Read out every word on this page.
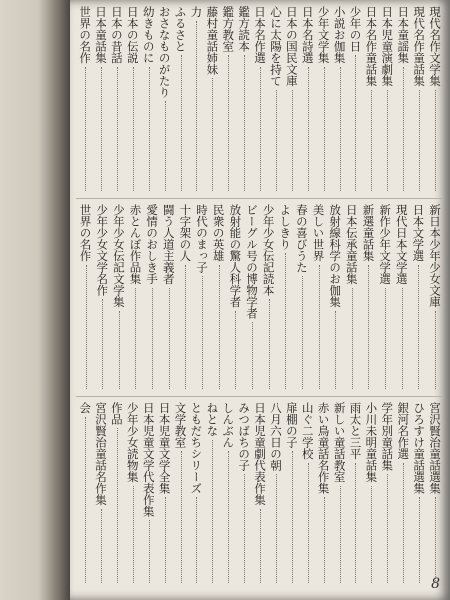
現代名作文学集
現代名作童話集
日本童謡集
日本児童演劇集
日本名作童話集
少年の日
小説お伽集
少年文学集
日本名詩選
日本の国民文庫
心に太陽を持て
日本名作選
鑑方読本
鑑方教室
藤村童話姉妹
力
ふるさと
おさなものがたり
幼きものに
日本の伝説
日本の昔話
日本童話集
世界の名作
新日本少年少女文庫
日本文学選
現代日本文学選
新作少年文学選
新選童話集
日本伝承童話集
放射線科学のお伽集
美しい世界
春の喜びうた
よしきり
少年少女伝記読本
ビーグル号の博物学者
放射能の驚人科学者
民衆の英雄
時代のまっ子
十字架の人
闘う人道主義者
愛情のおしき手
赤とんぼ作品集
少年少女伝記文学集
少年少女文学名作
世界の名作
宮沢賢治童話選集
ひろすけ童話選集
銀河名作選
学年別童話集
小川未明童話集
雨太と三平
新しい童話教室
赤い鳥童話名作集
山ぐ二学校
扉棚の子
八月六日の朝
日本児童劇代表作集
みつばちの子
しんぶん
ねとな
ともだちシリーズ
文学教室
日本児童文学全集
日本児童文学代表作集
少年少女読物集
作品
宮沢賢治童話名作集
会
8
